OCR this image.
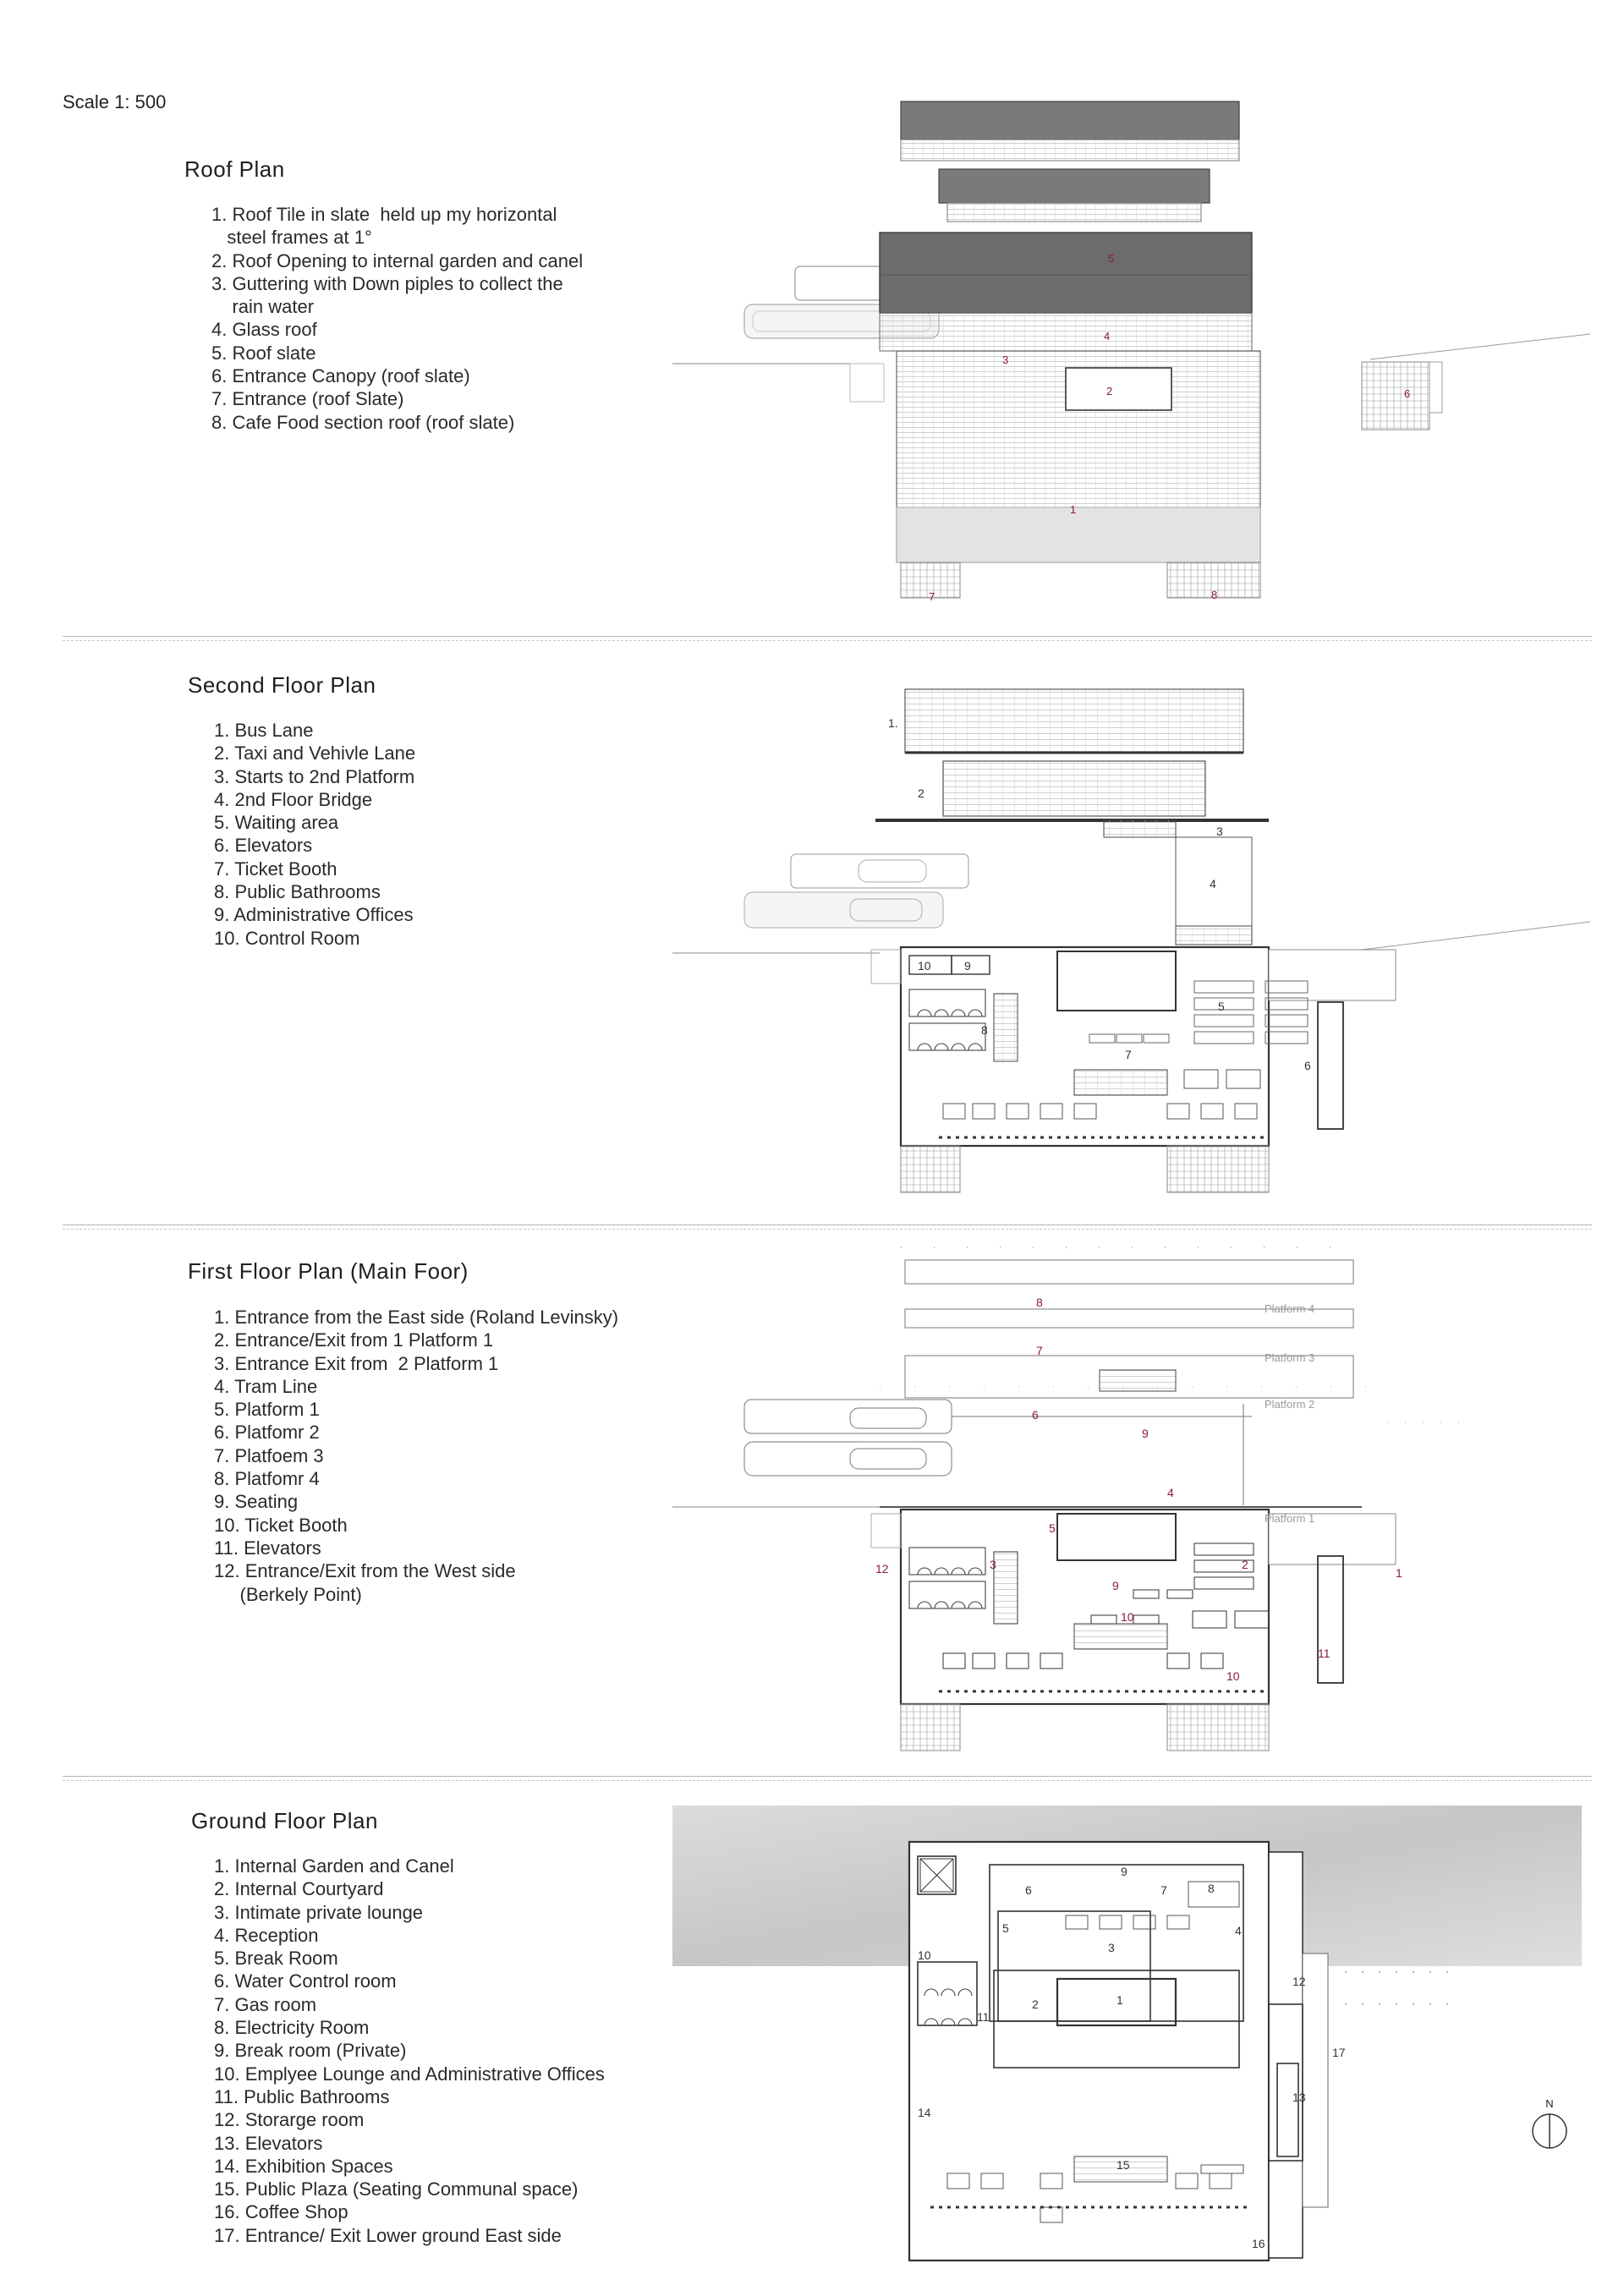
Scale 1: 500
Roof Plan
1. Roof Tile in slate  held up my horizontal
steel frames at 1°
2. Roof Opening to internal garden and canel
3. Guttering with Down piples to collect the
rain water
4. Glass roof
5. Roof slate
6. Entrance Canopy (roof slate)
7. Entrance (roof Slate)
8. Cafe Food section roof (roof slate)
1
2
3
4
5
6
7	8
Second Floor Plan
1. Bus Lane
2. Taxi and Vehivle Lane
3. Starts to 2nd Platform
4. 2nd Floor Bridge
5. Waiting area
6. Elevators
7. Ticket Booth
8. Public Bathrooms
9. Administrative Offices
10. Control Room
1.
2
3
4
5
6
7
8
9
10
First Floor Plan (Main Foor)
1. Entrance from the East side (Roland Levinsky)
2. Entrance/Exit from 1 Platform 1
3. Entrance Exit from  2 Platform 1
4. Tram Line
5. Platform 1
6. Platfomr 2
7. Platfoem 3
8. Platfomr 4
9. Seating
10. Ticket Booth
11. Elevators
12. Entrance/Exit from the West side
(Berkely Point)
Platform 4
Platform 3
Platform 2
Platform 1
1
2
3
4
5
6
7
8
9
9
10
10
11
12
Ground Floor Plan
1. Internal Garden and Canel
2. Internal Courtyard
3. Intimate private lounge
4. Reception
5. Break Room
6. Water Control room
7. Gas room
8. Electricity Room
9. Break room (Private)
10. Emplyee Lounge and Administrative Offices
11. Public Bathrooms
12. Storarge room
13. Elevators
14. Exhibition Spaces
15. Public Plaza (Seating Communal space)
16. Coffee Shop
17. Entrance/ Exit Lower ground East side
1
2
3
4
5
6	7	8
9
10
11
12
13
14
15
16
17
N
